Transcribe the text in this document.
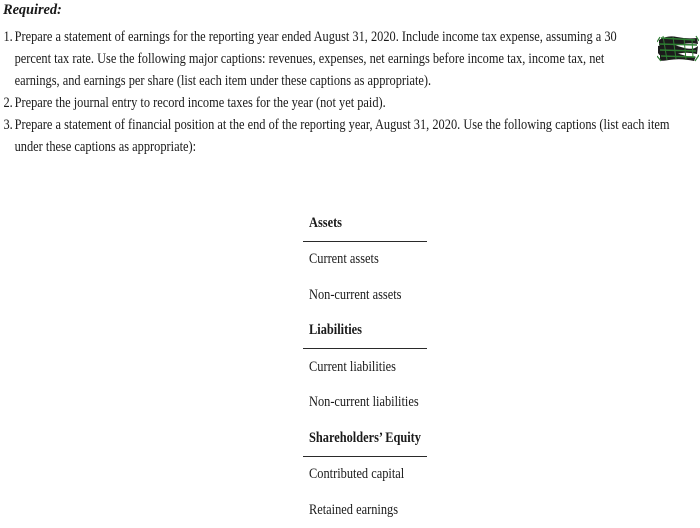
Required:
1. Prepare a statement of earnings for the reporting year ended August 31, 2020. Include income tax expense, assuming a 30
percent tax rate. Use the following major captions: revenues, expenses, net earnings before income tax, income tax, net
earnings, and earnings per share (list each item under these captions as appropriate).
2. Prepare the journal entry to record income taxes for the year (not yet paid).
3. Prepare a statement of financial position at the end of the reporting year, August 31, 2020. Use the following captions (list each item
under these captions as appropriate):
Assets
Current assets
Non-current assets
Liabilities
Current liabilities
Non-current liabilities
Shareholders’ Equity
Contributed capital
Retained earnings
